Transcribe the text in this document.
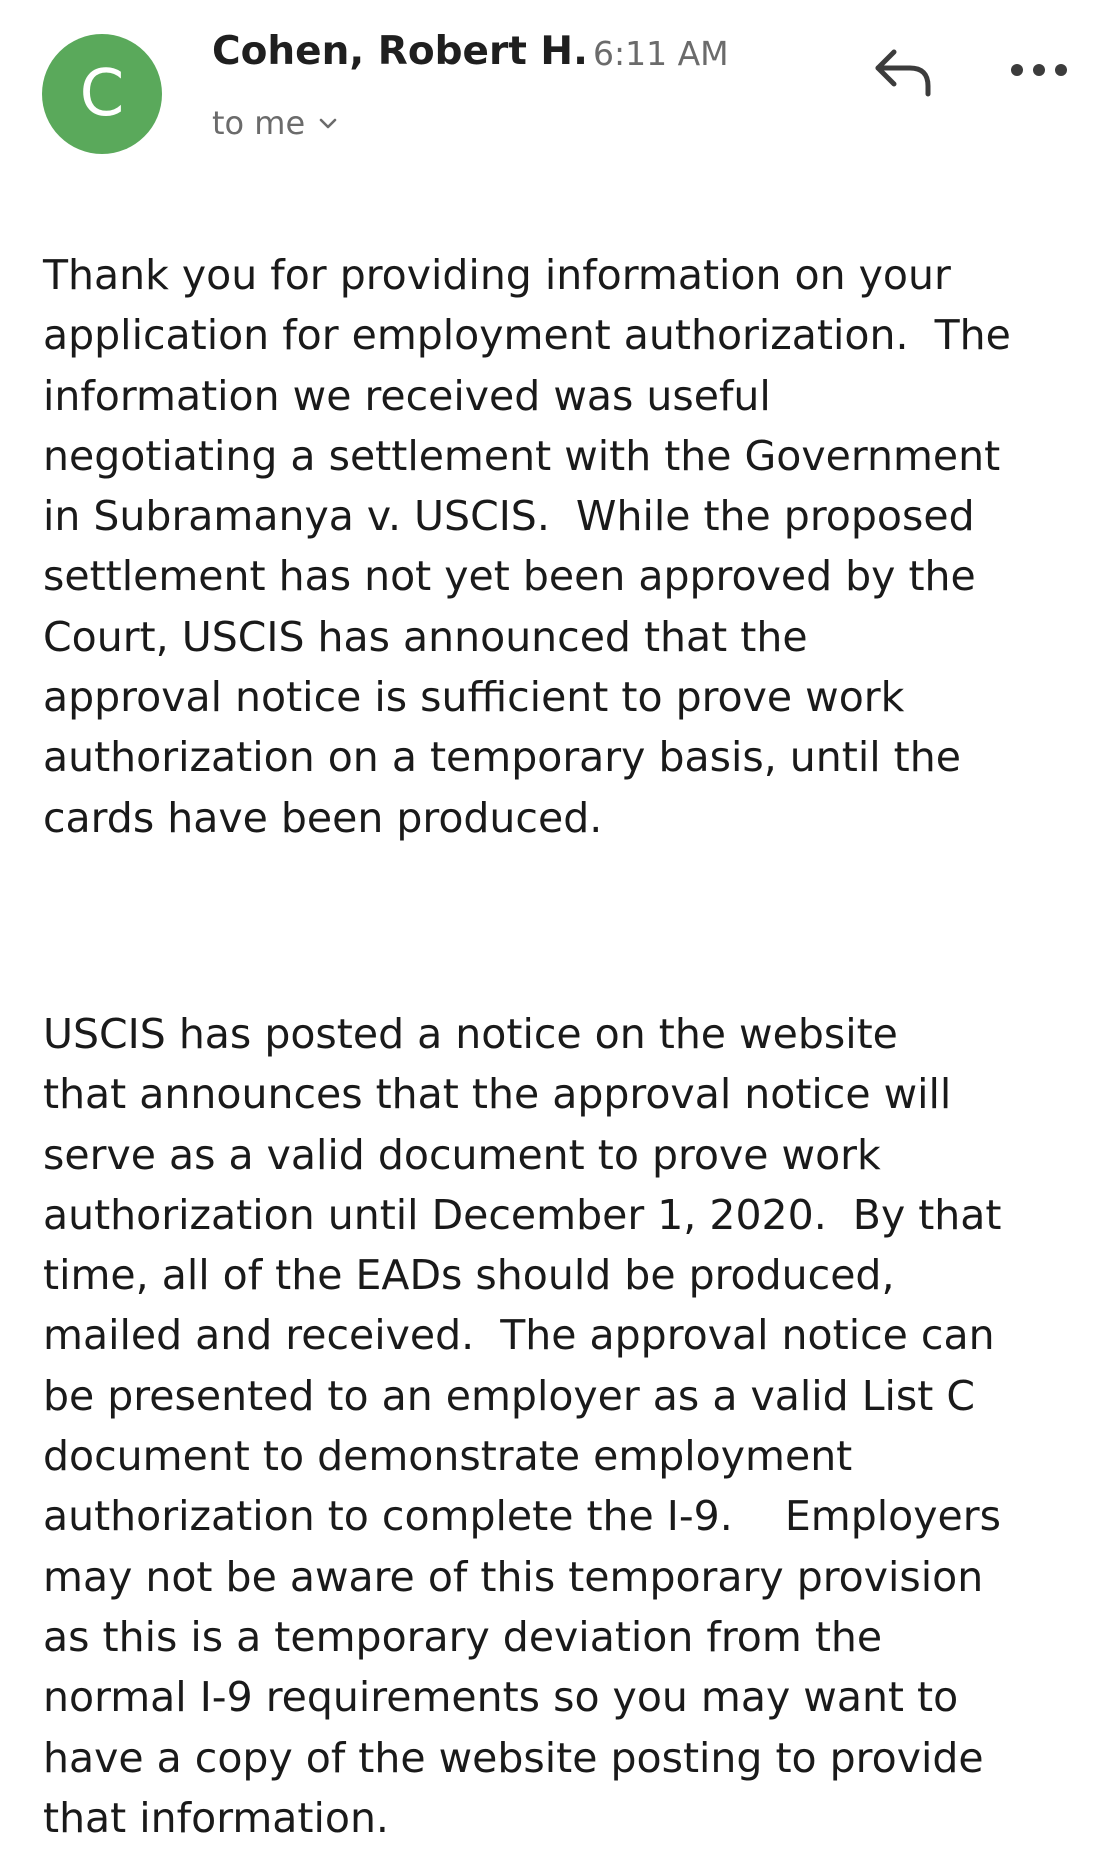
C
Cohen, Robert H. 6:11 AM
to me
Thank you for providing information on your
application for employment authorization.  The
information we received was useful
negotiating a settlement with the Government
in Subramanya v. USCIS.  While the proposed
settlement has not yet been approved by the
Court, USCIS has announced that the
approval notice is sufficient to prove work
authorization on a temporary basis, until the
cards have been produced.
USCIS has posted a notice on the website
that announces that the approval notice will
serve as a valid document to prove work
authorization until December 1, 2020.  By that
time, all of the EADs should be produced,
mailed and received.  The approval notice can
be presented to an employer as a valid List C
document to demonstrate employment
authorization to complete the I-9.    Employers
may not be aware of this temporary provision
as this is a temporary deviation from the
normal I-9 requirements so you may want to
have a copy of the website posting to provide
that information.
